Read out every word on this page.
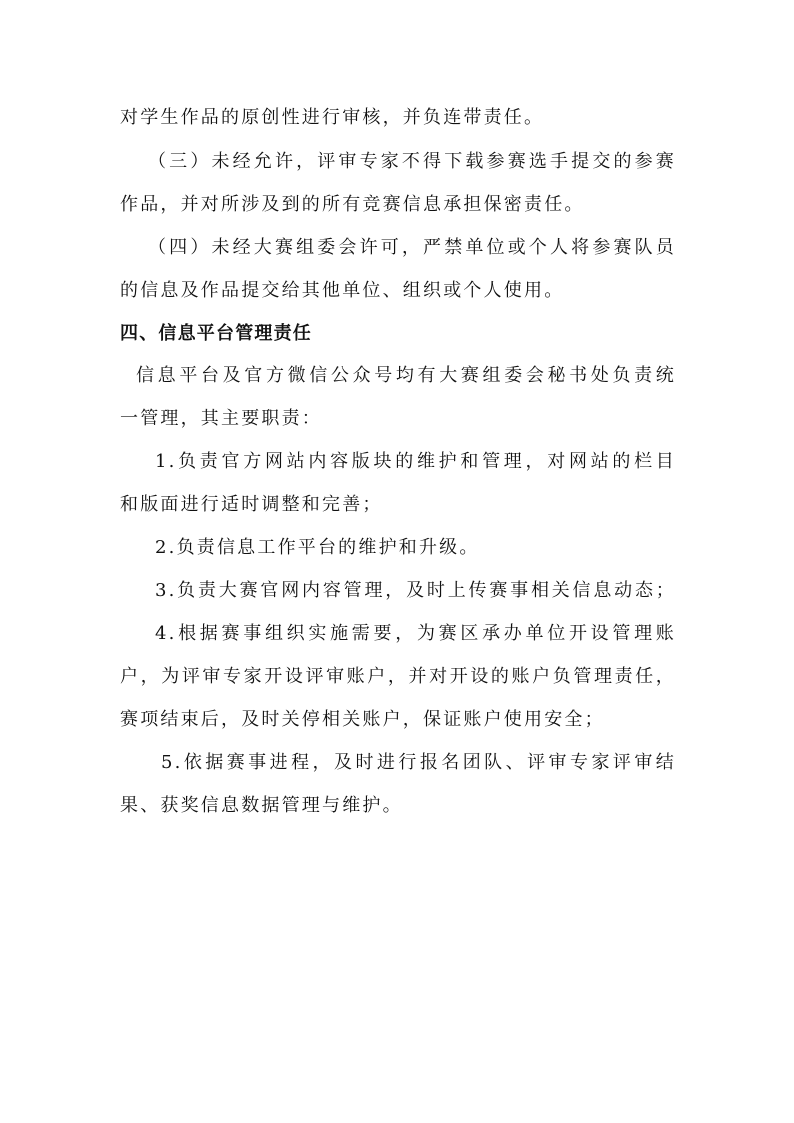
对学生作品的原创性进行审核，并负连带责任。
（三）未经允许，评审专家不得下载参赛选手提交的参赛
作品，并对所涉及到的所有竞赛信息承担保密责任。
（四）未经大赛组委会许可，严禁单位或个人将参赛队员
的信息及作品提交给其他单位、组织或个人使用。
四、信息平台管理责任
信息平台及官方微信公众号均有大赛组委会秘书处负责统
一管理，其主要职责：
1.负责官方网站内容版块的维护和管理，对网站的栏目
和版面进行适时调整和完善；
2.负责信息工作平台的维护和升级。
3.负责大赛官网内容管理，及时上传赛事相关信息动态；
4.根据赛事组织实施需要，为赛区承办单位开设管理账
户，为评审专家开设评审账户，并对开设的账户负管理责任，
赛项结束后，及时关停相关账户，保证账户使用安全；
5.依据赛事进程，及时进行报名团队、评审专家评审结
果、获奖信息数据管理与维护。
